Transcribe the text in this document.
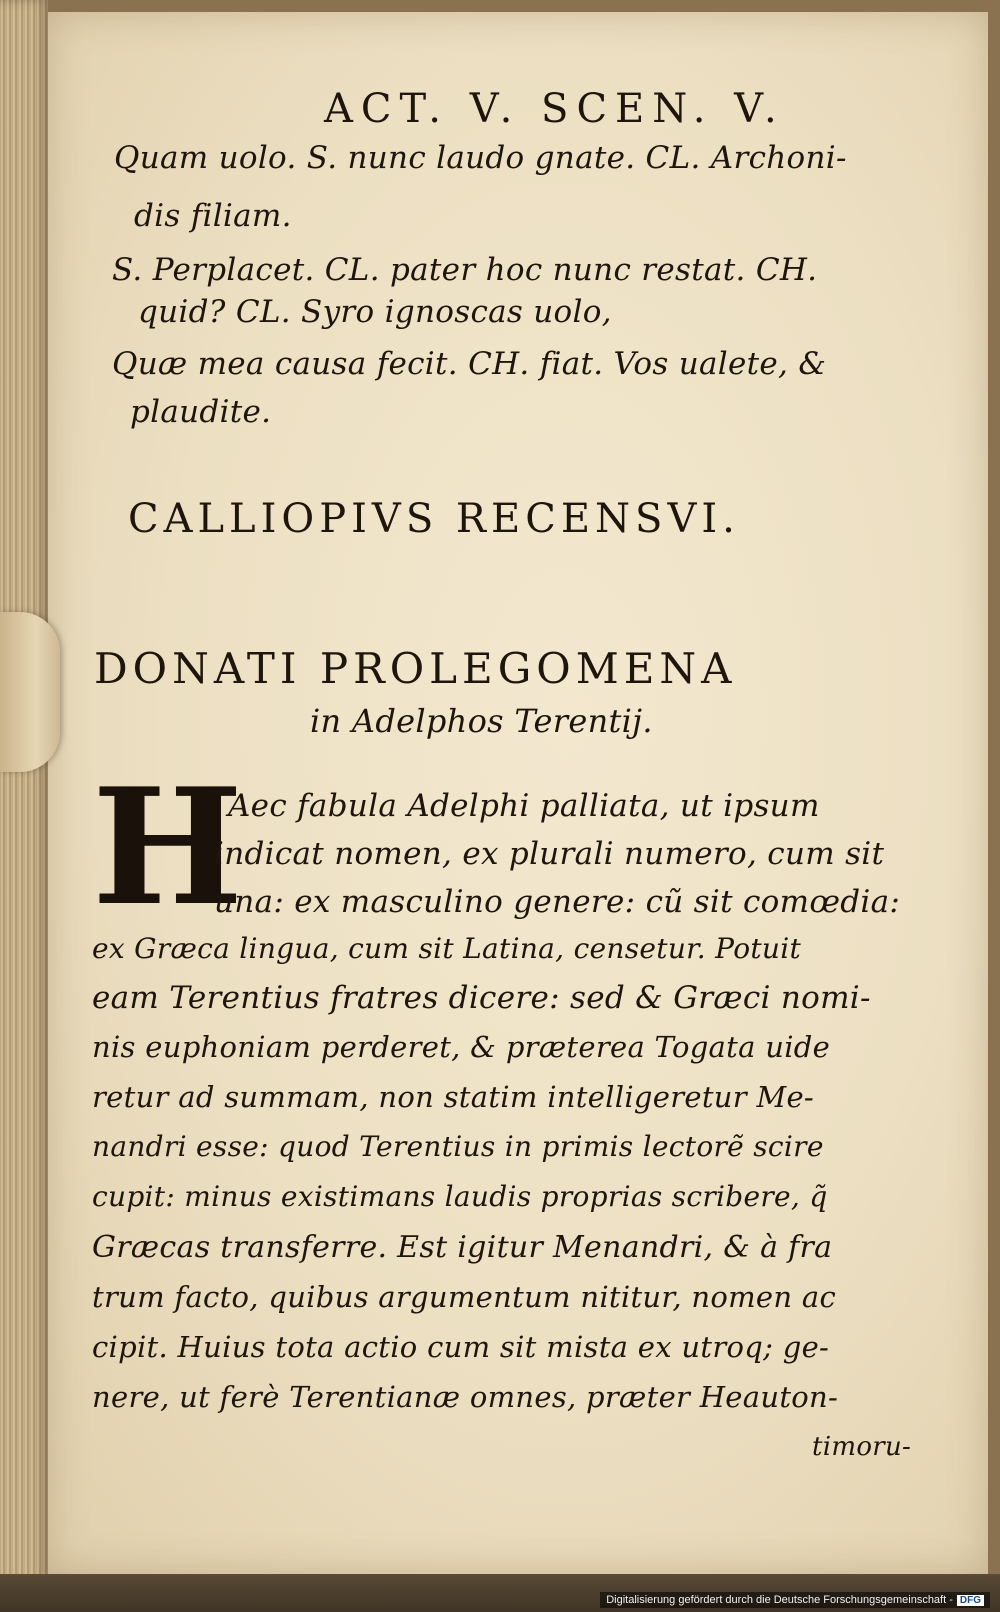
ACT. V. SCEN. V.
Quam uolo. S. nunc laudo gnate. CL. Archoni-
dis filiam.
S. Perplacet. CL. pater hoc nunc restat. CH.
quid? CL. Syro ignoscas uolo,
Quæ mea causa fecit. CH. fiat. Vos ualete, &
plaudite.
CALLIOPIVS RECENSVI.
DONATI PROLEGOMENA
in Adelphos Terentij.
H
Aec fabula Adelphi palliata, ut ipsum
indicat nomen, ex plurali numero, cum sit
una: ex masculino genere: cũ sit comœdia:
ex Græca lingua, cum sit Latina, censetur. Potuit
eam Terentius fratres dicere: sed & Græci nomi-
nis euphoniam perderet, & præterea Togata uide
retur ad summam, non statim intelligeretur Me-
nandri esse: quod Terentius in primis lectorẽ scire
cupit: minus existimans laudis proprias scribere, q̃
Græcas transferre. Est igitur Menandri, & à fra
trum facto, quibus argumentum nititur, nomen ac
cipit. Huius tota actio cum sit mista ex utroq; ge-
nere, ut ferè Terentianæ omnes, præter Heauton-
timoru-
Digitalisierung gefördert durch die Deutsche Forschungsgemeinschaft - DFG
